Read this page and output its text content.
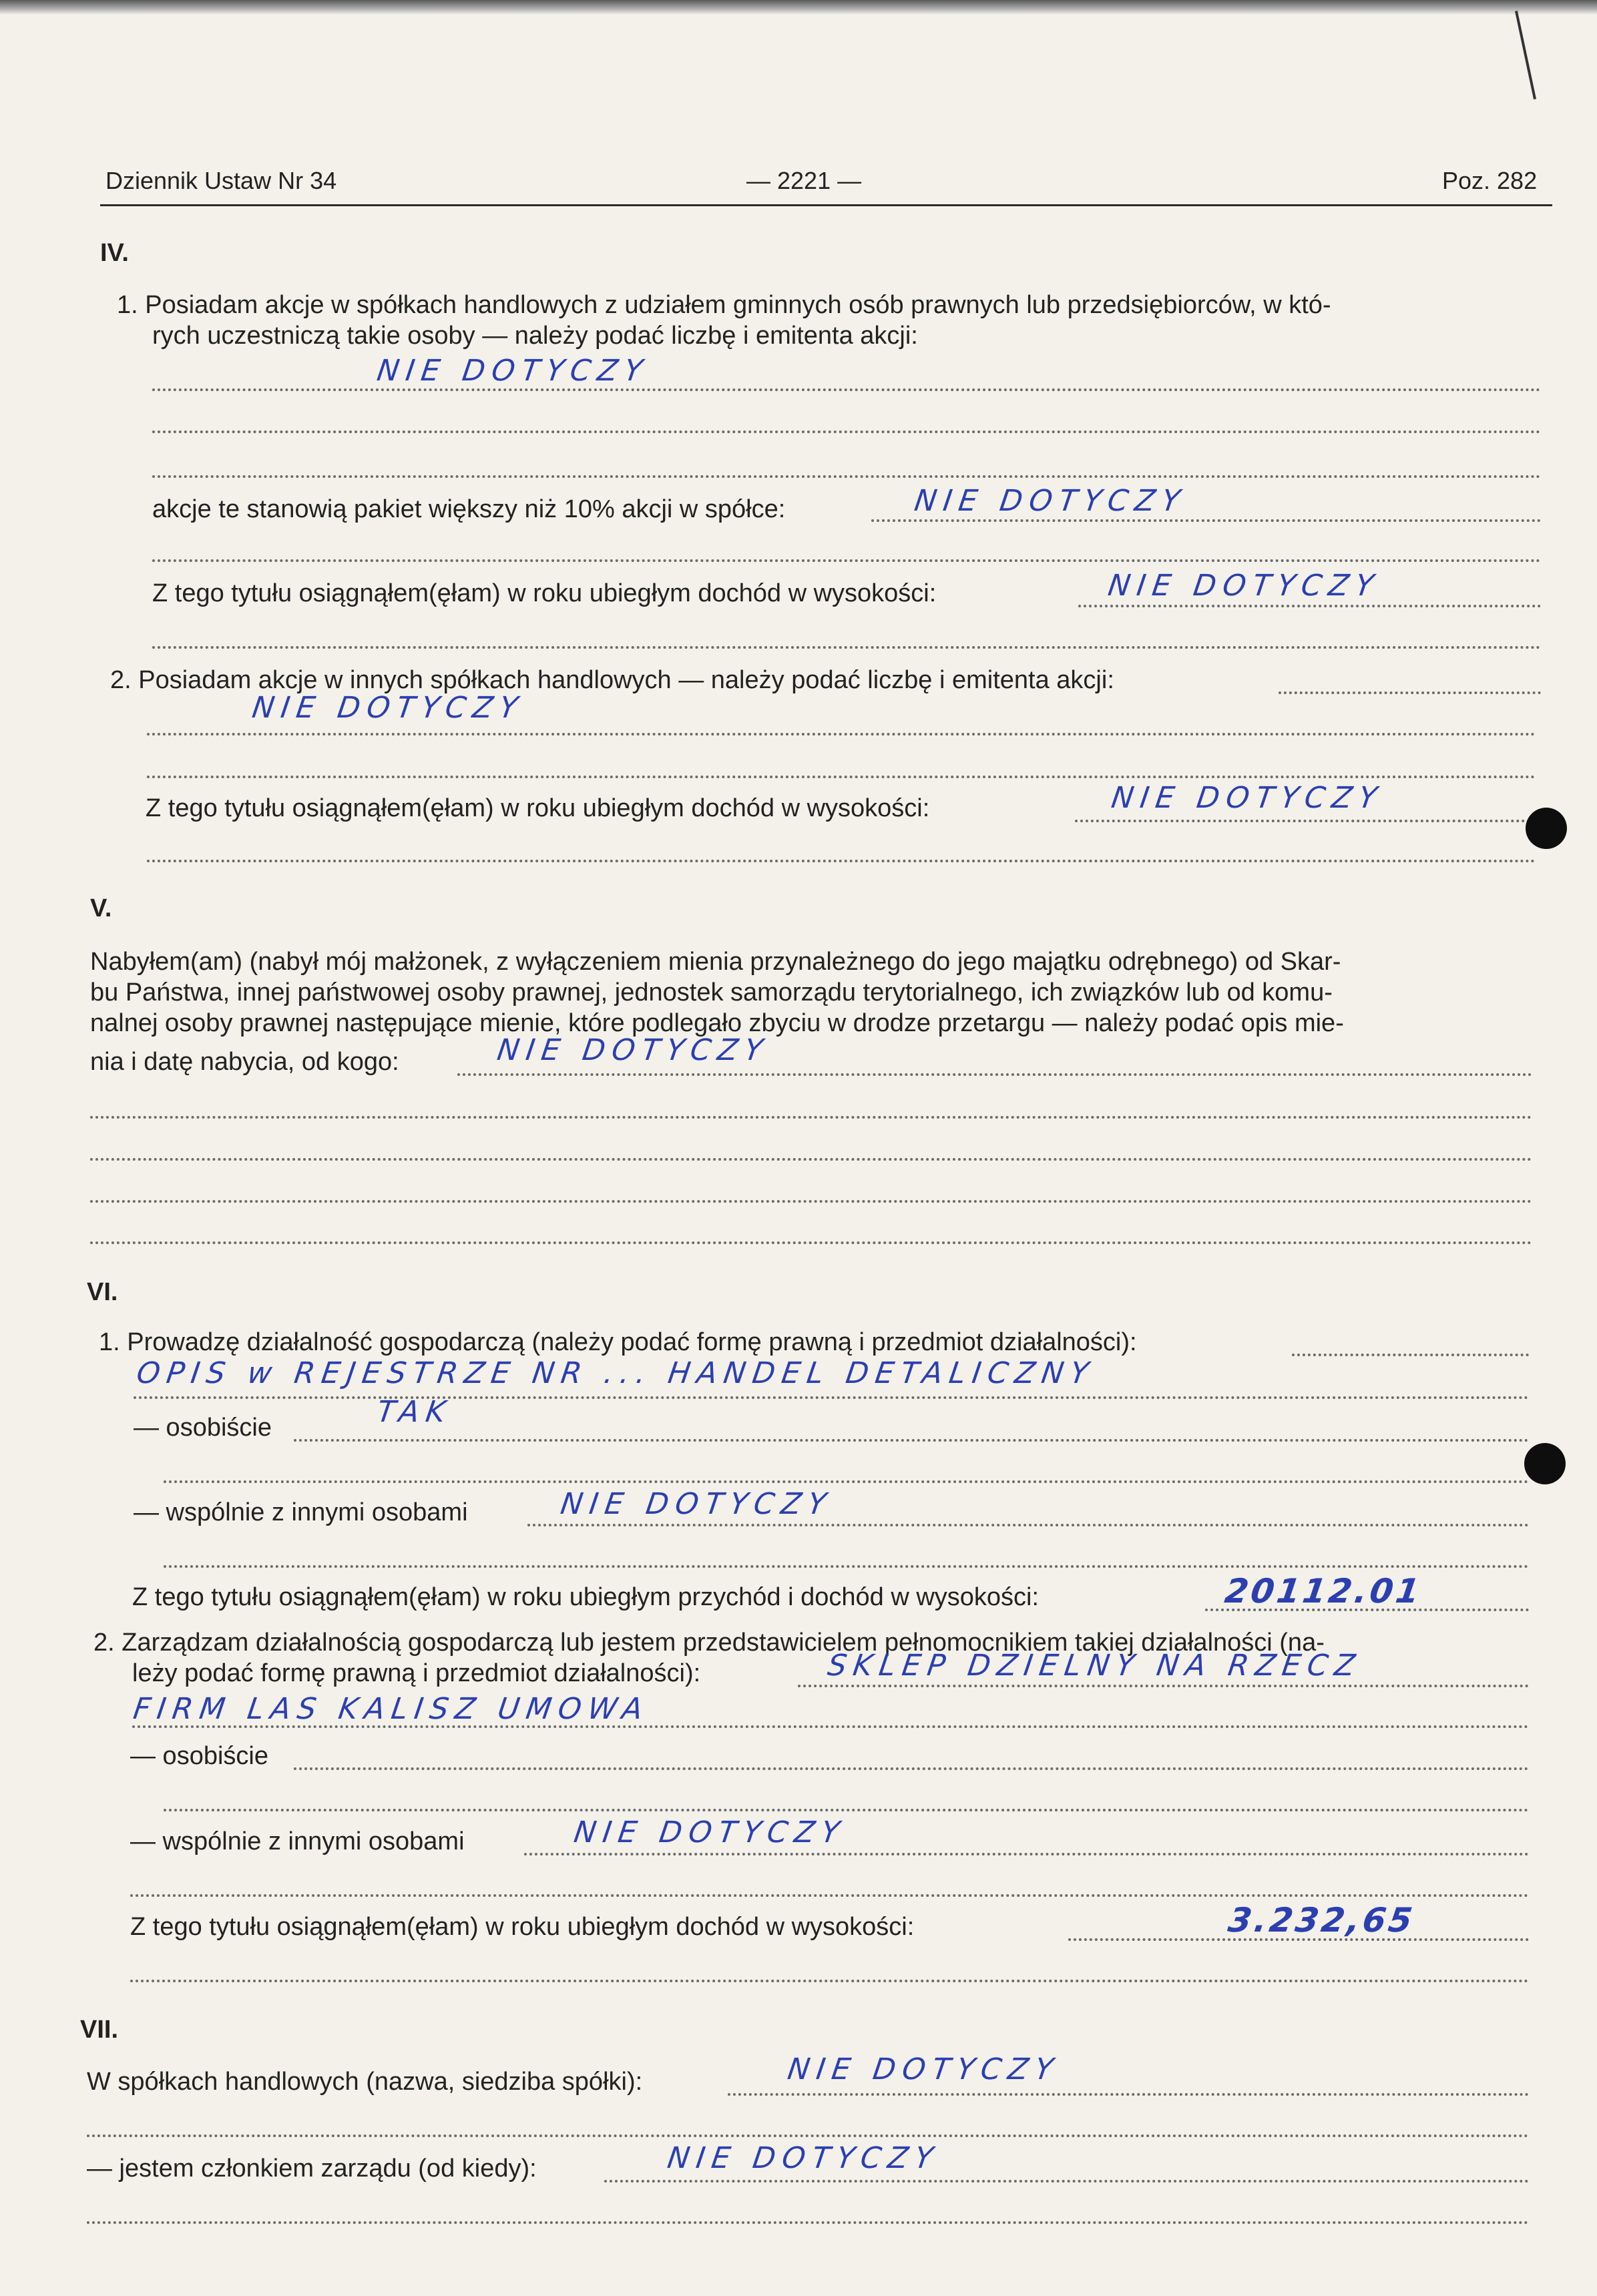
Dziennik Ustaw Nr 34	— 2221 —	Poz. 282
IV.
1. Posiadam akcje w spółkach handlowych z udziałem gminnych osób prawnych lub przedsiębiorców, w któ-
rych uczestniczą takie osoby — należy podać liczbę i emitenta akcji:
NIE DOTYCZY
akcje te stanowią pakiet większy niż 10% akcji w spółce:	NIE DOTYCZY
Z tego tytułu osiągnąłem(ęłam) w roku ubiegłym dochód w wysokości:	NIE DOTYCZY
2. Posiadam akcje w innych spółkach handlowych — należy podać liczbę i emitenta akcji:
NIE DOTYCZY
Z tego tytułu osiągnąłem(ęłam) w roku ubiegłym dochód w wysokości:	NIE DOTYCZY
V.
Nabyłem(am) (nabył mój małżonek, z wyłączeniem mienia przynależnego do jego majątku odrębnego) od Skar-
bu Państwa, innej państwowej osoby prawnej, jednostek samorządu terytorialnego, ich związków lub od komu-
nalnej osoby prawnej następujące mienie, które podlegało zbyciu w drodze przetargu — należy podać opis mie-
nia i datę nabycia, od kogo:	NIE DOTYCZY
VI.
1. Prowadzę działalność gospodarczą (należy podać formę prawną i przedmiot działalności):
OPIS w REJESTRZE NR ... HANDEL DETALICZNY
— osobiście	TAK
— wspólnie z innymi osobami	NIE DOTYCZY
Z tego tytułu osiągnąłem(ęłam) w roku ubiegłym przychód i dochód w wysokości:	20112.01
2. Zarządzam działalnością gospodarczą lub jestem przedstawicielem pełnomocnikiem takiej działalności (na-
leży podać formę prawną i przedmiot działalności):	SKLEP DZIELNY NA RZECZ
FIRM LAS KALISZ UMOWA
— osobiście
— wspólnie z innymi osobami	NIE DOTYCZY
Z tego tytułu osiągnąłem(ęłam) w roku ubiegłym dochód w wysokości:	3.232,65
VII.
W spółkach handlowych (nazwa, siedziba spółki):	NIE DOTYCZY
— jestem członkiem zarządu (od kiedy):	NIE DOTYCZY
